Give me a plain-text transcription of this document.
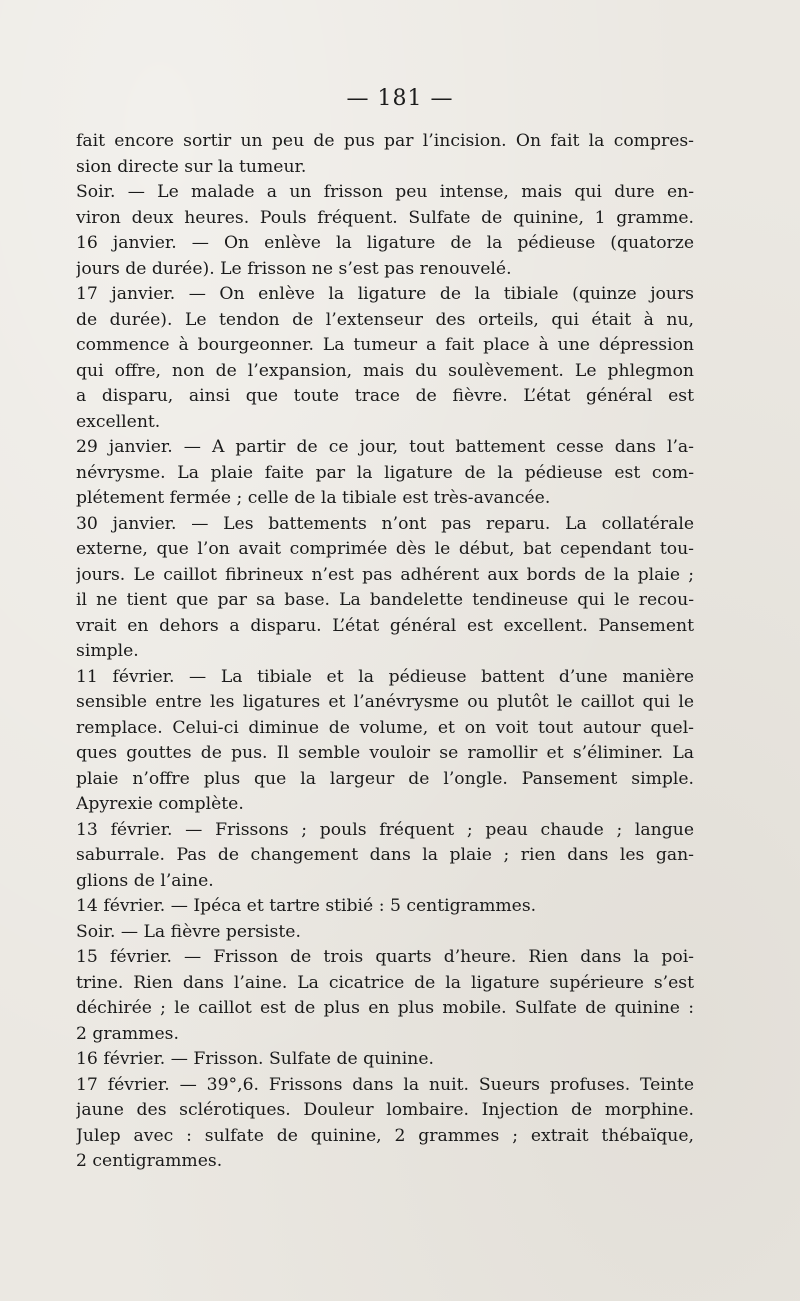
— 181 —
fait encore sortir un peu de pus par l’incision. On fait la compres-
sion directe sur la tumeur.
Soir. — Le malade a un frisson peu intense, mais qui dure en-
viron deux heures. Pouls fréquent. Sulfate de quinine, 1 gramme.
16 janvier. — On enlève la ligature de la pédieuse (quatorze
jours de durée). Le frisson ne s’est pas renouvelé.
17 janvier. — On enlève la ligature de la tibiale (quinze jours
de durée). Le tendon de l’extenseur des orteils, qui était à nu,
commence à bourgeonner. La tumeur a fait place à une dépression
qui offre, non de l’expansion, mais du soulèvement. Le phlegmon
a disparu, ainsi que toute trace de fièvre. L’état général est
excellent.
29 janvier. — A partir de ce jour, tout battement cesse dans l’a-
névrysme. La plaie faite par la ligature de la pédieuse est com-
plétement fermée ; celle de la tibiale est très-avancée.
30 janvier. — Les battements n’ont pas reparu. La collatérale
externe, que l’on avait comprimée dès le début, bat cependant tou-
jours. Le caillot fibrineux n’est pas adhérent aux bords de la plaie ;
il ne tient que par sa base. La bandelette tendineuse qui le recou-
vrait en dehors a disparu. L’état général est excellent. Pansement
simple.
11 février. — La tibiale et la pédieuse battent d’une manière
sensible entre les ligatures et l’anévrysme ou plutôt le caillot qui le
remplace. Celui-ci diminue de volume, et on voit tout autour quel-
ques gouttes de pus. Il semble vouloir se ramollir et s’éliminer. La
plaie n’offre plus que la largeur de l’ongle. Pansement simple.
Apyrexie complète.
13 février. — Frissons ; pouls fréquent ; peau chaude ; langue
saburrale. Pas de changement dans la plaie ; rien dans les gan-
glions de l’aine.
14 février. — Ipéca et tartre stibié : 5 centigrammes.
Soir. — La fièvre persiste.
15 février. — Frisson de trois quarts d’heure. Rien dans la poi-
trine. Rien dans l’aine. La cicatrice de la ligature supérieure s’est
déchirée ; le caillot est de plus en plus mobile. Sulfate de quinine :
2 grammes.
16 février. — Frisson. Sulfate de quinine.
17 février. — 39°,6. Frissons dans la nuit. Sueurs profuses. Teinte
jaune des sclérotiques. Douleur lombaire. Injection de morphine.
Julep avec : sulfate de quinine, 2 grammes ; extrait thébaïque,
2 centigrammes.
